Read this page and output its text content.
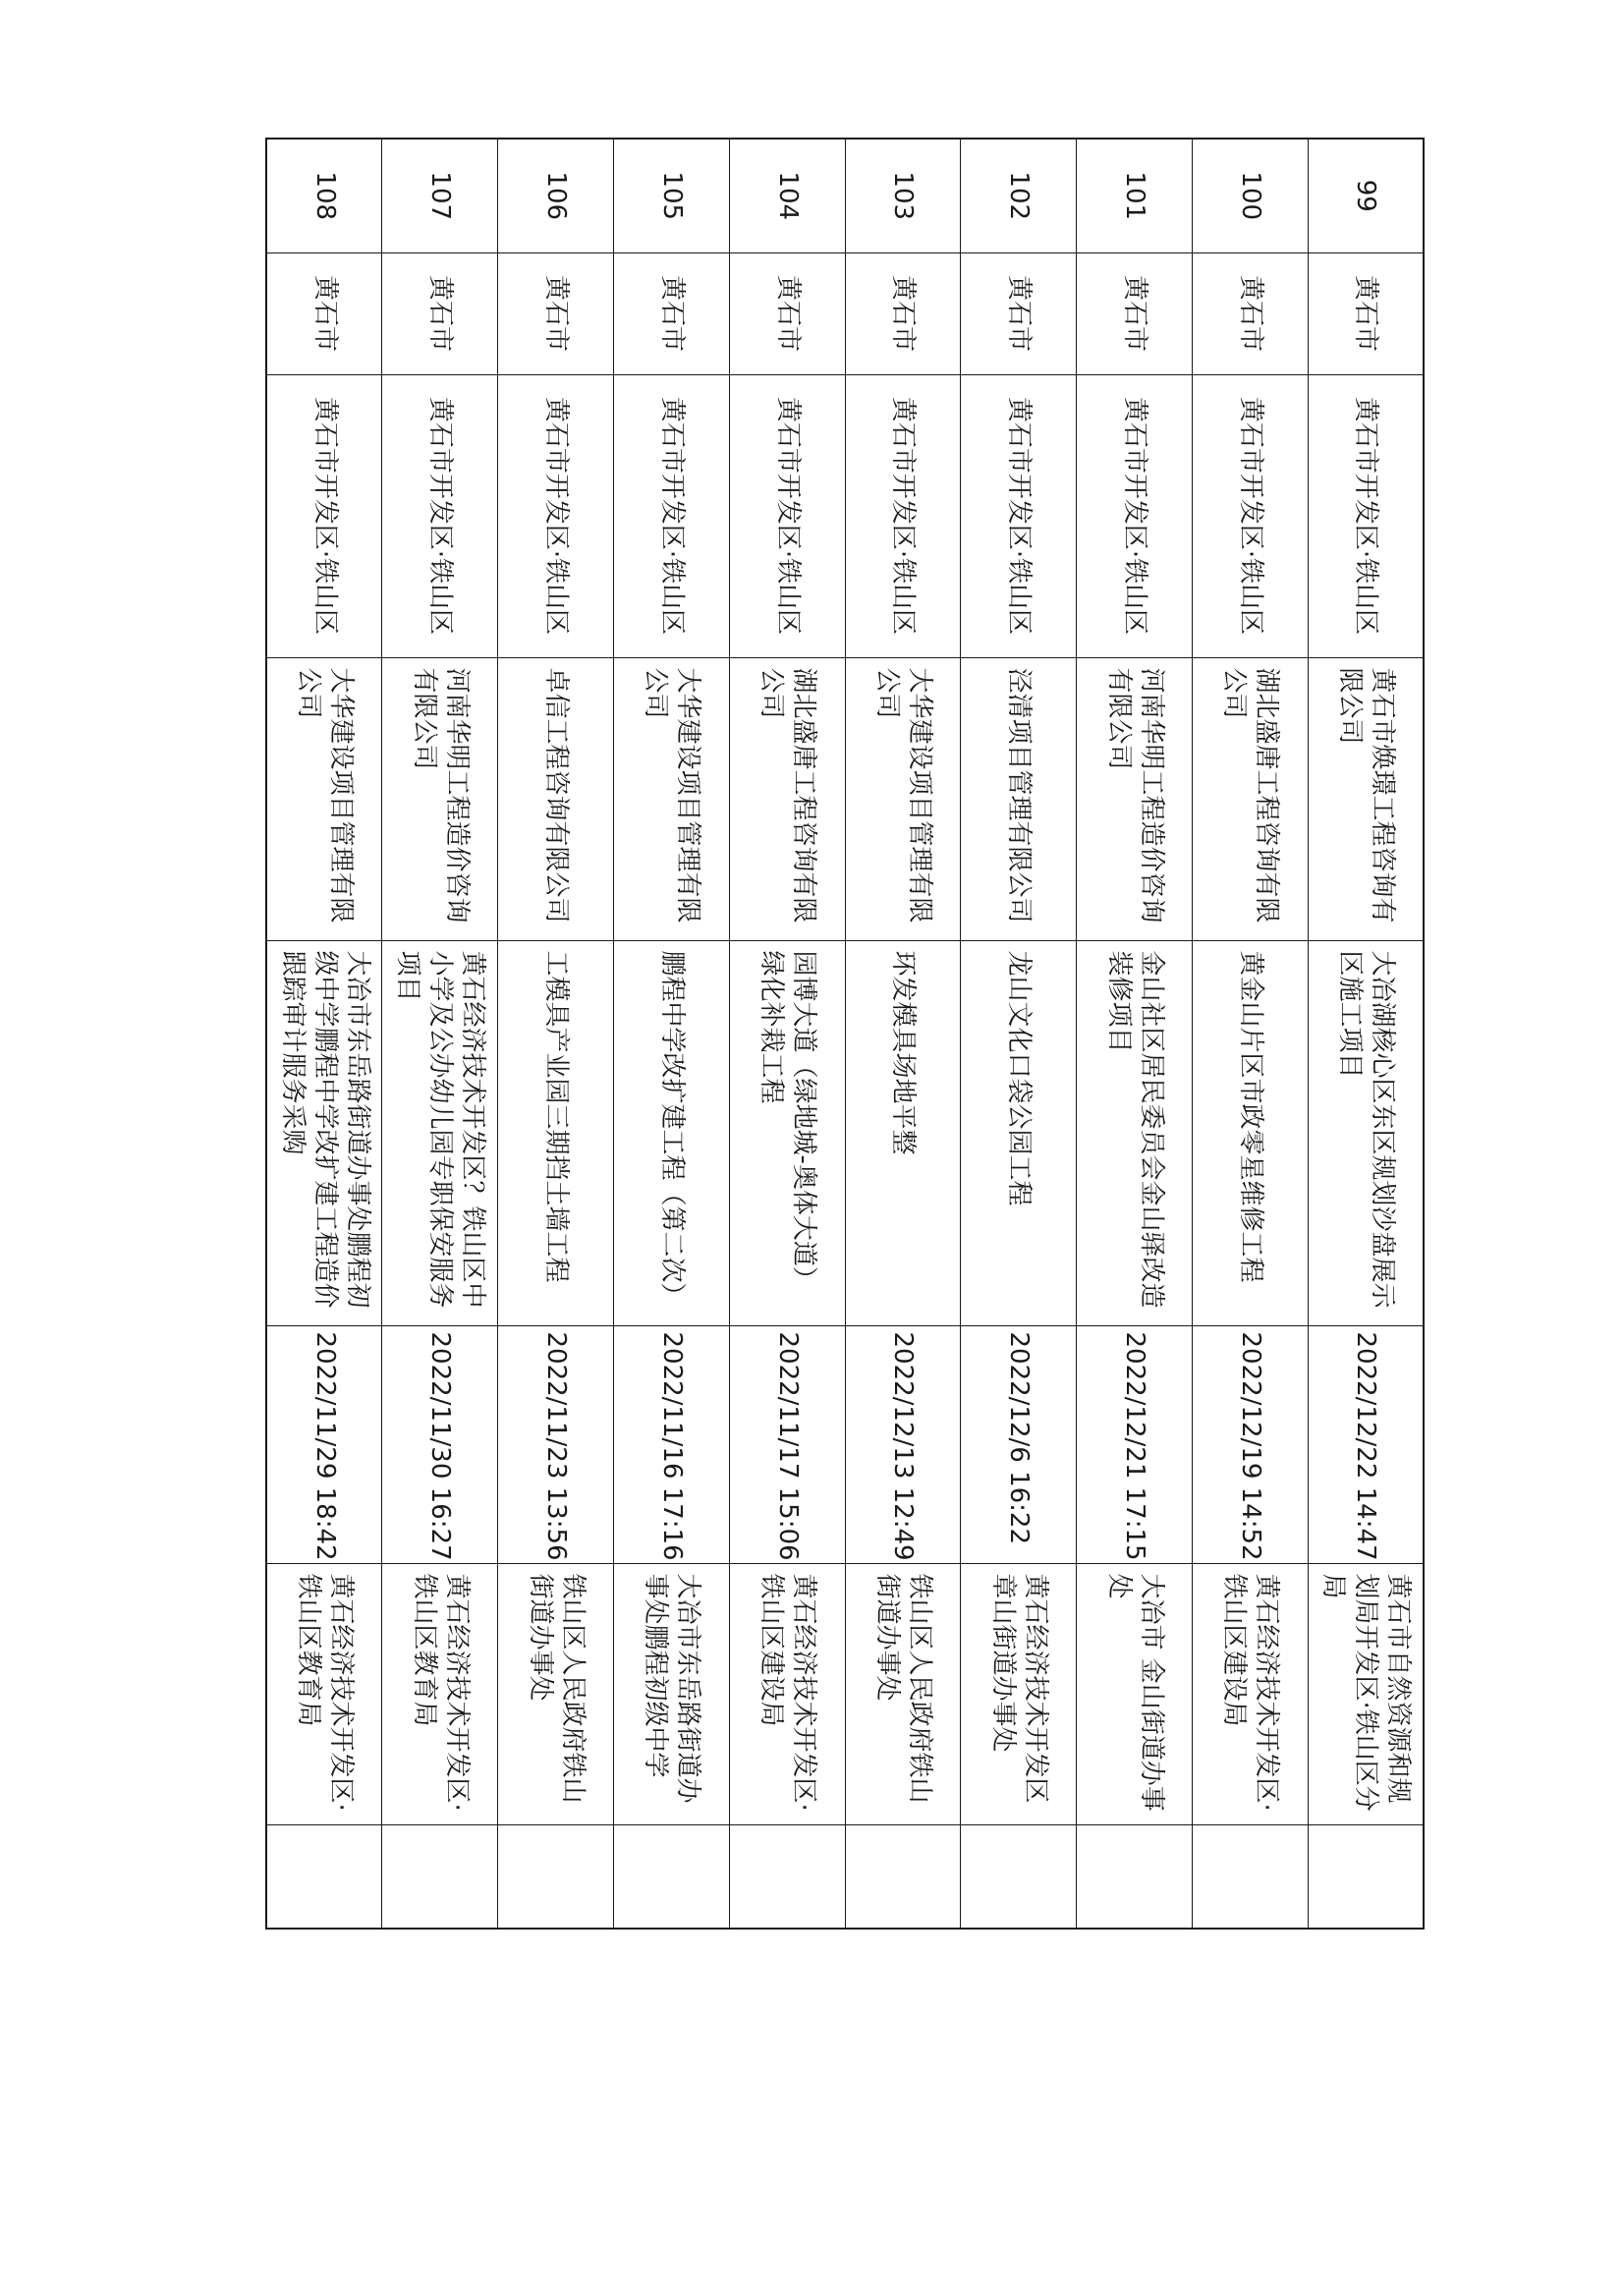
99	黄石市	黄石市开发区·铁山区	黄石市焕璟工程咨询有限公司	大冶湖核心区东区规划沙盘展示区施工项目	2022/12/22 14:47	黄石市自然资源和规划局开发区·铁山区分局	
100	黄石市	黄石市开发区·铁山区	湖北盛唐工程咨询有限公司	黄金山片区市政零星维修工程	2022/12/19 14:52	黄石经济技术开发区·铁山区建设局	
101	黄石市	黄石市开发区·铁山区	河南华明工程造价咨询有限公司	金山社区居民委员会金山驿改造装修项目	2022/12/21 17:15	大冶市 金山街道办事处	
102	黄石市	黄石市开发区·铁山区	泾清项目管理有限公司	龙山文化口袋公园工程	2022/12/6 16:22	黄石经济技术开发区 章山街道办事处	
103	黄石市	黄石市开发区·铁山区	大华建设项目管理有限公司	环发模具场地平整	2022/12/13 12:49	铁山区人民政府铁山街道办事处	
104	黄石市	黄石市开发区·铁山区	湖北盛唐工程咨询有限公司	园博大道（绿地城-奥体大道）绿化补栽工程	2022/11/17 15:06	黄石经济技术开发区·铁山区建设局	
105	黄石市	黄石市开发区·铁山区	大华建设项目管理有限公司	鹏程中学改扩建工程（第二次）	2022/11/16 17:16	大冶市东岳路街道办事处鹏程初级中学	
106	黄石市	黄石市开发区·铁山区	卓信工程咨询有限公司	工模具产业园三期挡土墙工程	2022/11/23 13:56	铁山区人民政府铁山街道办事处	
107	黄石市	黄石市开发区·铁山区	河南华明工程造价咨询有限公司	黄石经济技术开发区？铁山区中小学及公办幼儿园专职保安服务项目	2022/11/30 16:27	黄石经济技术开发区·铁山区教育局	
108	黄石市	黄石市开发区·铁山区	大华建设项目管理有限公司	大冶市东岳路街道办事处鹏程初级中学鹏程中学改扩建工程造价跟踪审计服务采购	2022/11/29 18:42	黄石经济技术开发区·铁山区教育局	
